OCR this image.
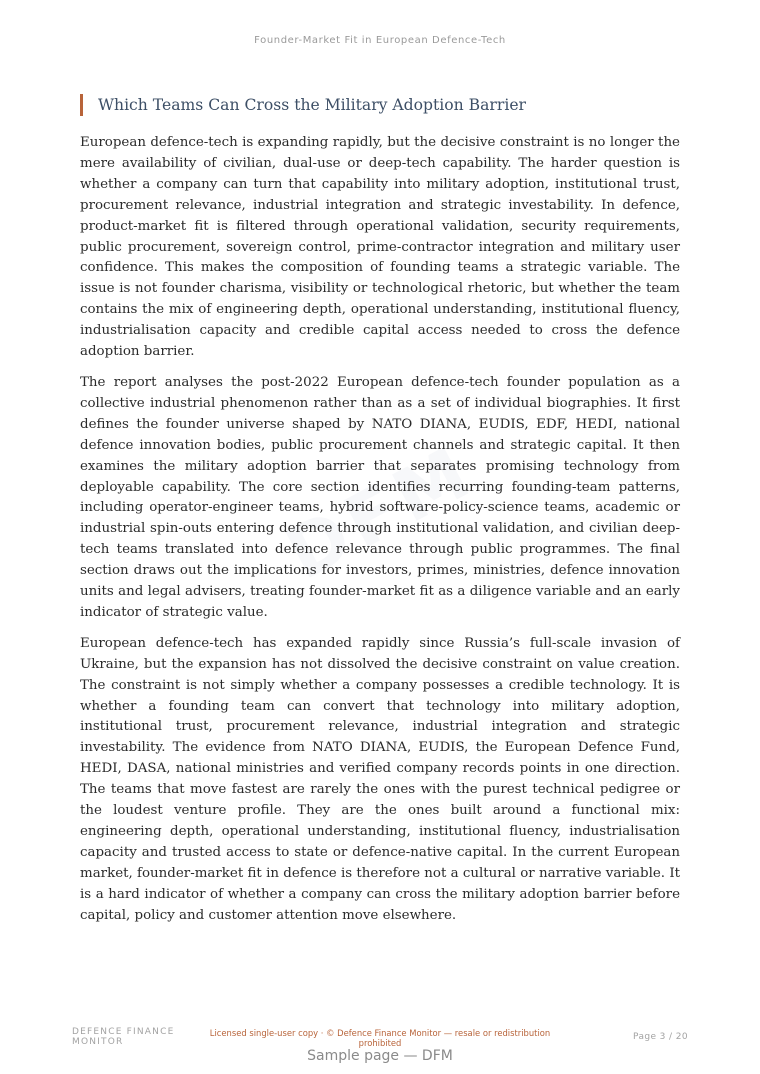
Founder-Market Fit in European Defence-Tech
Which Teams Can Cross the Military Adoption Barrier

European defence-tech is expanding rapidly, but the decisive constraint is no longer the mere availability of civilian, dual-use or deep-tech capability. The harder question is whether a company can turn that capability into military adoption, institutional trust, procurement relevance, industrial integration and strategic investability. In defence, product-market fit is filtered through operational validation, security requirements, public procurement, sovereign control, prime-contractor integration and military user confidence. This makes the composition of founding teams a strategic variable. The issue is not founder charisma, visibility or technological rhetoric, but whether the team contains the mix of engineering depth, operational understanding, institutional fluency, industrialisation capacity and credible capital access needed to cross the defence adoption barrier.

The report analyses the post-2022 European defence-tech founder population as a collective industrial phenomenon rather than as a set of individual biographies. It first defines the founder universe shaped by NATO DIANA, EUDIS, EDF, HEDI, national defence innovation bodies, public procurement channels and strategic capital. It then examines the military adoption barrier that separates promising technology from deployable capability. The core section identifies recurring founding-team patterns, including operator-engineer teams, hybrid software-policy-science teams, academic or industrial spin-outs entering defence through institutional validation, and civilian deep-tech teams translated into defence relevance through public programmes. The final section draws out the implications for investors, primes, ministries, defence innovation units and legal advisers, treating founder-market fit as a diligence variable and an early indicator of strategic value.

European defence-tech has expanded rapidly since Russia’s full-scale invasion of Ukraine, but the expansion has not dissolved the decisive constraint on value creation. The constraint is not simply whether a company possesses a credible technology. It is whether a founding team can convert that technology into military adoption, institutional trust, procurement relevance, industrial integration and strategic investability. The evidence from NATO DIANA, EUDIS, the European Defence Fund, HEDI, DASA, national ministries and verified company records points in one direction. The teams that move fastest are rarely the ones with the purest technical pedigree or the loudest venture profile. They are the ones built around a functional mix: engineering depth, operational understanding, institutional fluency, industrialisation capacity and trusted access to state or defence-native capital. In the current European market, founder-market fit in defence is therefore not a cultural or narrative variable. It is a hard indicator of whether a company can cross the military adoption barrier before capital, policy and customer attention move elsewhere.

DEFENCE FINANCE
MONITOR
Licensed single-user copy · © Defence Finance Monitor — resale or redistribution prohibited
Page 3 / 20
Sample page — DFM
